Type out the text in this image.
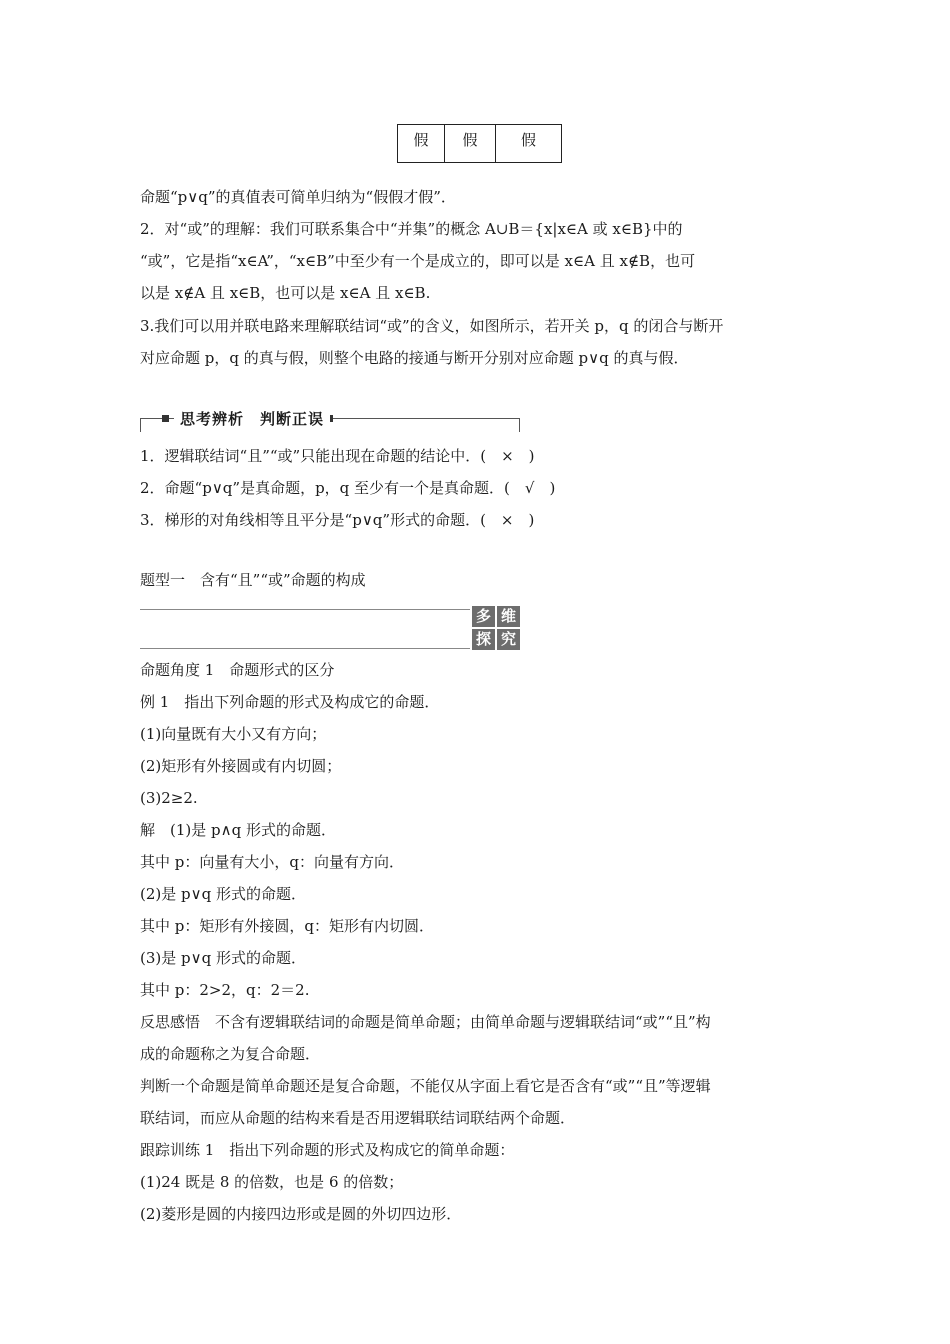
假	假	假
命题“p∨q”的真值表可简单归纳为“假假才假”．
2．对“或”的理解：我们可联系集合中“并集”的概念 A∪B＝{x|x∈A 或 x∈B}中的
“或”，它是指“x∈A”，“x∈B”中至少有一个是成立的，即可以是 x∈A 且 x∉B，也可
以是 x∉A 且 x∈B，也可以是 x∈A 且 x∈B.
3.我们可以用并联电路来理解联结词“或”的含义，如图所示，若开关 p，q 的闭合与断开
对应命题 p，q 的真与假，则整个电路的接通与断开分别对应命题 p∨q 的真与假．
思考辨析　判断正误
1．逻辑联结词“且”“或”只能出现在命题的结论中．(　×　)
2．命题“p∨q”是真命题，p，q 至少有一个是真命题．(　√　)
3．梯形的对角线相等且平分是“p∨q”形式的命题．(　×　)
题型一　含有“且”“或”命题的构成
多 维
探 究
命题角度 1　命题形式的区分
例 1　指出下列命题的形式及构成它的命题．
(1)向量既有大小又有方向；
(2)矩形有外接圆或有内切圆；
(3)2≥2.
解　(1)是 p∧q 形式的命题．
其中 p：向量有大小，q：向量有方向．
(2)是 p∨q 形式的命题．
其中 p：矩形有外接圆，q：矩形有内切圆．
(3)是 p∨q 形式的命题．
其中 p：2>2，q：2＝2.
反思感悟　不含有逻辑联结词的命题是简单命题；由简单命题与逻辑联结词“或”“且”构
成的命题称之为复合命题．
判断一个命题是简单命题还是复合命题，不能仅从字面上看它是否含有“或”“且”等逻辑
联结词，而应从命题的结构来看是否用逻辑联结词联结两个命题．
跟踪训练 1　指出下列命题的形式及构成它的简单命题：
(1)24 既是 8 的倍数，也是 6 的倍数；
(2)菱形是圆的内接四边形或是圆的外切四边形．
